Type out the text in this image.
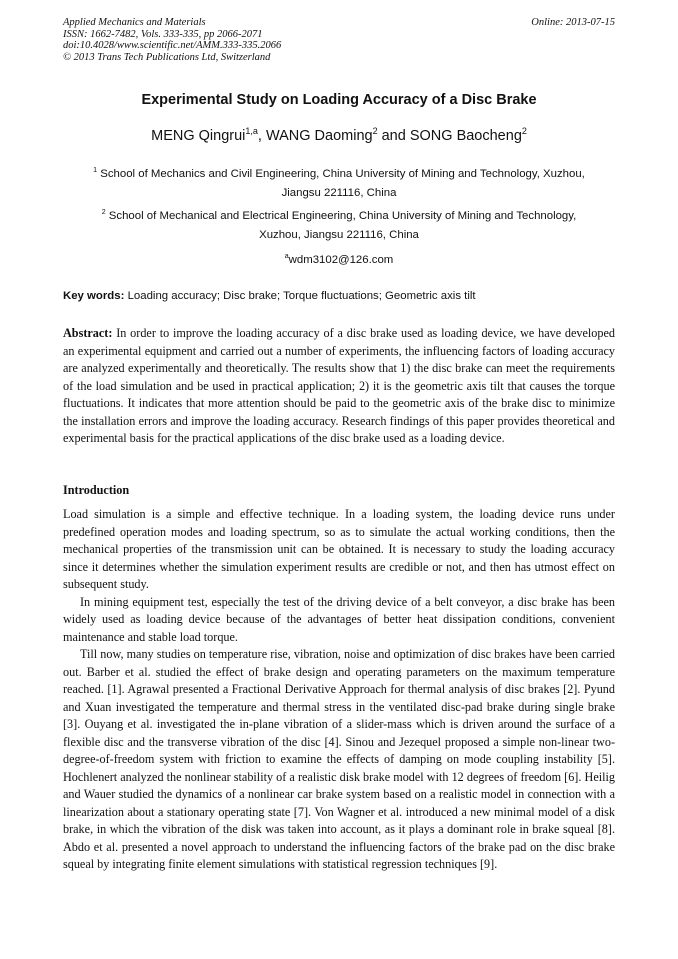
Applied Mechanics and Materials
ISSN: 1662-7482, Vols. 333-335, pp 2066-2071
doi:10.4028/www.scientific.net/AMM.333-335.2066
© 2013 Trans Tech Publications Ltd, Switzerland
Online: 2013-07-15
Experimental Study on Loading Accuracy of a Disc Brake
MENG Qingrui$^{1,a}$, WANG Daoming$^2$ and SONG Baocheng$^2$
$^1$ School of Mechanics and Civil Engineering, China University of Mining and Technology, Xuzhou,
Jiangsu 221116, China
$^2$ School of Mechanical and Electrical Engineering, China University of Mining and Technology,
Xuzhou, Jiangsu 221116, China
$^a$wdm3102@126.com
Key words: Loading accuracy; Disc brake; Torque fluctuations; Geometric axis tilt
Abstract: In order to improve the loading accuracy of a disc brake used as loading device, we have developed an experimental equipment and carried out a number of experiments, the influencing factors of loading accuracy are analyzed experimentally and theoretically. The results show that 1) the disc brake can meet the requirements of the load simulation and be used in practical application; 2) it is the geometric axis tilt that causes the torque fluctuations. It indicates that more attention should be paid to the geometric axis of the brake disc to minimize the installation errors and improve the loading accuracy. Research findings of this paper provides theoretical and experimental basis for the practical applications of the disc brake used as a loading device.
Introduction

Load simulation is a simple and effective technique. In a loading system, the loading device runs under predefined operation modes and loading spectrum, so as to simulate the actual working conditions, then the mechanical properties of the transmission unit can be obtained. It is necessary to study the loading accuracy since it determines whether the simulation experiment results are credible or not, and then has utmost effect on subsequent study.

In mining equipment test, especially the test of the driving device of a belt conveyor, a disc brake has been widely used as loading device because of the advantages of better heat dissipation conditions, convenient maintenance and stable load torque.

Till now, many studies on temperature rise, vibration, noise and optimization of disc brakes have been carried out. Barber et al. studied the effect of brake design and operating parameters on the maximum temperature reached. [1]. Agrawal presented a Fractional Derivative Approach for thermal analysis of disc brakes [2]. Pyund and Xuan investigated the temperature and thermal stress in the ventilated disc-pad brake during single brake [3]. Ouyang et al. investigated the in-plane vibration of a slider-mass which is driven around the surface of a flexible disc and the transverse vibration of the disc [4]. Sinou and Jezequel proposed a simple non-linear two-degree-of-freedom system with friction to examine the effects of damping on mode coupling instability [5]. Hochlenert analyzed the nonlinear stability of a realistic disk brake model with 12 degrees of freedom [6]. Heilig and Wauer studied the dynamics of a nonlinear car brake system based on a realistic model in connection with a linearization about a stationary operating state [7]. Von Wagner et al. introduced a new minimal model of a disk brake, in which the vibration of the disk was taken into account, as it plays a dominant role in brake squeal [8]. Abdo et al. presented a novel approach to understand the influencing factors of the brake pad on the disc brake squeal by integrating finite element simulations with statistical regression techniques [9].
